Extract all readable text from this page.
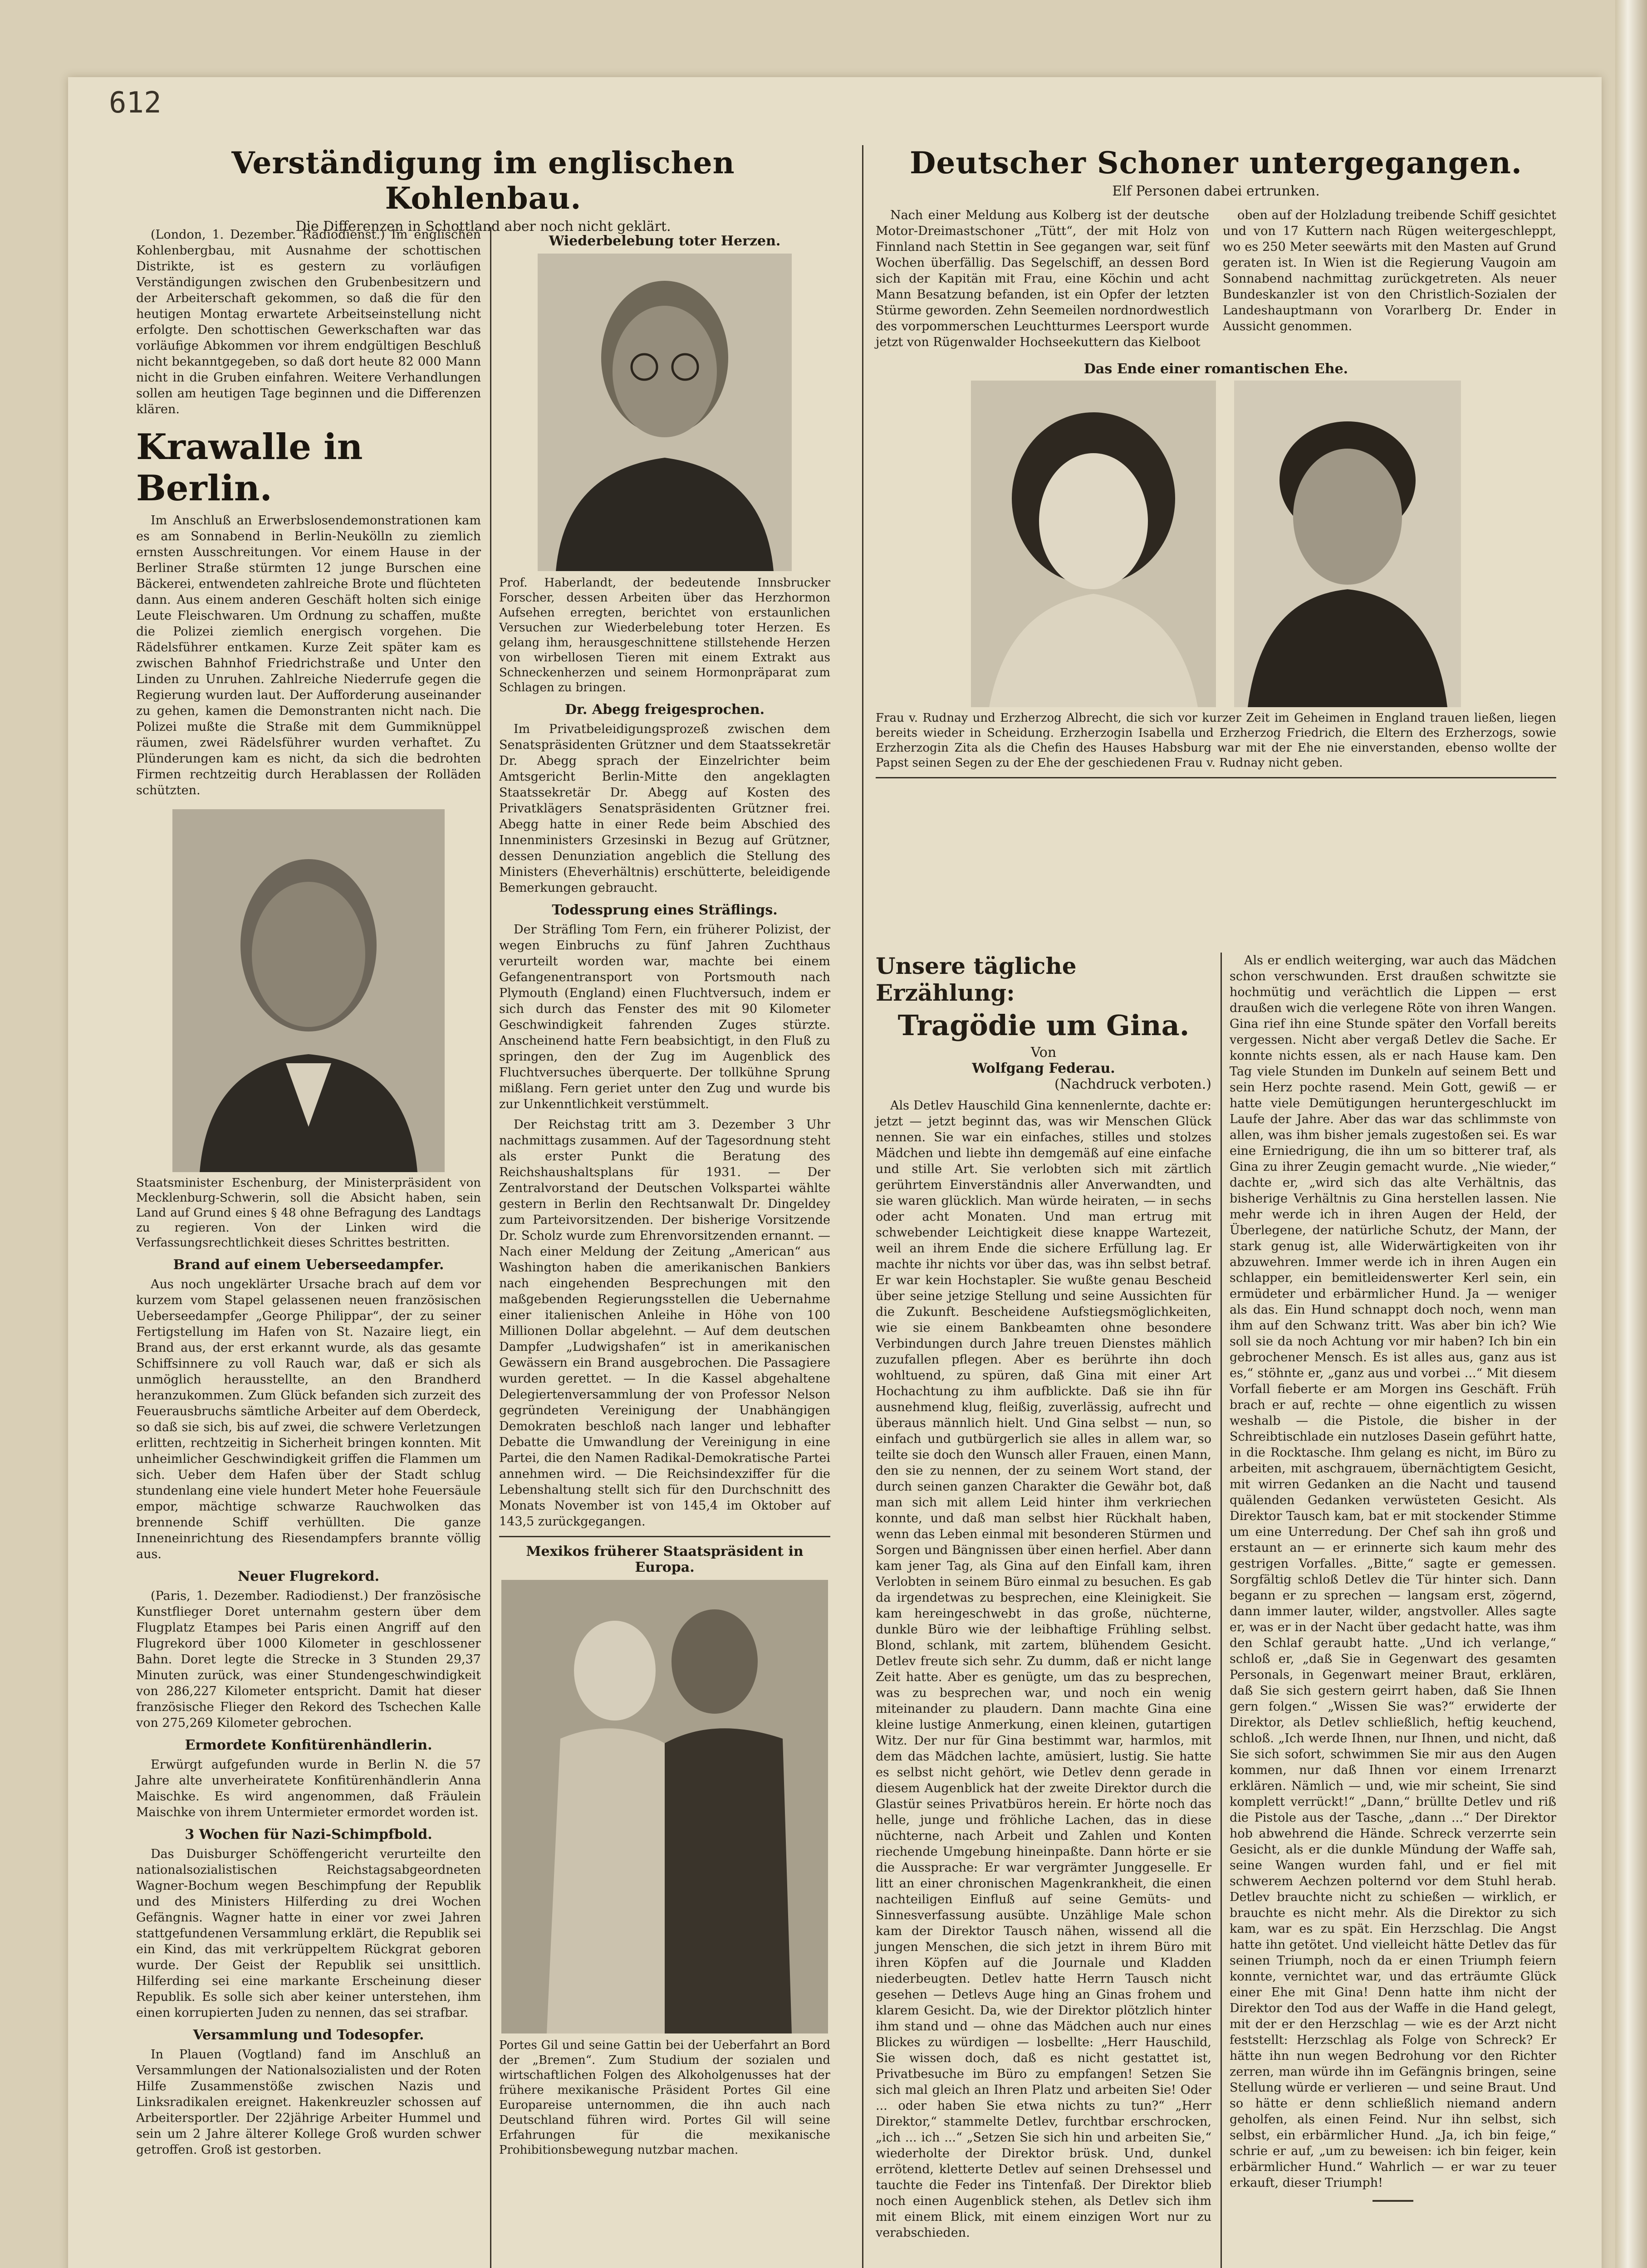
612
Verständigung im englischen Kohlenbau.
Die Differenzen in Schottland aber noch nicht geklärt.

(London, 1. Dezember. Radiodienst.) Im englischen Kohlenbergbau, mit Ausnahme der schottischen Distrikte, ist es gestern zu vorläufigen Verständigungen zwischen den Grubenbesitzern und der Arbeiterschaft gekommen, so daß die für den heutigen Montag erwartete Arbeitseinstellung nicht erfolgte. Den schottischen Gewerkschaften war das vorläufige Abkommen vor ihrem endgültigen Beschluß nicht bekanntgegeben, so daß dort heute 82 000 Mann nicht in die Gruben einfahren. Weitere Verhandlungen sollen am heutigen Tage beginnen und die Differenzen klären.

Krawalle in Berlin.

Im Anschluß an Erwerbslosendemonstrationen kam es am Sonnabend in Berlin-Neukölln zu ziemlich ernsten Ausschreitungen. Vor einem Hause in der Berliner Straße stürmten 12 junge Burschen eine Bäckerei, entwendeten zahlreiche Brote und flüchteten dann. Aus einem anderen Geschäft holten sich einige Leute Fleischwaren. Um Ordnung zu schaffen, mußte die Polizei ziemlich energisch vorgehen. Die Rädelsführer entkamen. Kurze Zeit später kam es zwischen Bahnhof Friedrichstraße und Unter den Linden zu Unruhen. Zahlreiche Niederrufe gegen die Regierung wurden laut. Der Aufforderung auseinander zu gehen, kamen die Demonstranten nicht nach. Die Polizei mußte die Straße mit dem Gummiknüppel räumen, zwei Rädelsführer wurden verhaftet. Zu Plünderungen kam es nicht, da sich die bedrohten Firmen rechtzeitig durch Herablassen der Rolläden schützten.

Staatsminister Eschenburg, der Ministerpräsident von Mecklenburg-Schwerin, soll die Absicht haben, sein Land auf Grund eines § 48 ohne Befragung des Landtags zu regieren. Von der Linken wird die Verfassungsrechtlichkeit dieses Schrittes bestritten.
Brand auf einem Ueberseedampfer.

Aus noch ungeklärter Ursache brach auf dem vor kurzem vom Stapel gelassenen neuen französischen Ueberseedampfer „George Philippar“, der zu seiner Fertigstellung im Hafen von St. Nazaire liegt, ein Brand aus, der erst erkannt wurde, als das gesamte Schiffsinnere zu voll Rauch war, daß er sich als unmöglich herausstellte, an den Brandherd heranzukommen. Zum Glück befanden sich zurzeit des Feuerausbruchs sämtliche Arbeiter auf dem Oberdeck, so daß sie sich, bis auf zwei, die schwere Verletzungen erlitten, rechtzeitig in Sicherheit bringen konnten. Mit unheimlicher Geschwindigkeit griffen die Flammen um sich. Ueber dem Hafen über der Stadt schlug stundenlang eine viele hundert Meter hohe Feuersäule empor, mächtige schwarze Rauchwolken das brennende Schiff verhüllten. Die ganze Inneneinrichtung des Riesendampfers brannte völlig aus.

Neuer Flugrekord.

(Paris, 1. Dezember. Radiodienst.) Der französische Kunstflieger Doret unternahm gestern über dem Flugplatz Etampes bei Paris einen Angriff auf den Flugrekord über 1000 Kilometer in geschlossener Bahn. Doret legte die Strecke in 3 Stunden 29,37 Minuten zurück, was einer Stundengeschwindigkeit von 286,227 Kilometer entspricht. Damit hat dieser französische Flieger den Rekord des Tschechen Kalle von 275,269 Kilometer gebrochen.

Ermordete Konfitürenhändlerin.

Erwürgt aufgefunden wurde in Berlin N. die 57 Jahre alte unverheiratete Konfitürenhändlerin Anna Maischke. Es wird angenommen, daß Fräulein Maischke von ihrem Untermieter ermordet worden ist.

3 Wochen für Nazi-Schimpfbold.

Das Duisburger Schöffengericht verurteilte den nationalsozialistischen Reichstagsabgeordneten Wagner-Bochum wegen Beschimpfung der Republik und des Ministers Hilferding zu drei Wochen Gefängnis. Wagner hatte in einer vor zwei Jahren stattgefundenen Versammlung erklärt, die Republik sei ein Kind, das mit verkrüppeltem Rückgrat geboren wurde. Der Geist der Republik sei unsittlich. Hilferding sei eine markante Erscheinung dieser Republik. Es solle sich aber keiner unterstehen, ihm einen korrupierten Juden zu nennen, das sei strafbar.

Versammlung und Todesopfer.

In Plauen (Vogtland) fand im Anschluß an Versammlungen der Nationalsozialisten und der Roten Hilfe Zusammenstöße zwischen Nazis und Linksradikalen ereignet. Hakenkreuzler schossen auf Arbeitersportler. Der 22jährige Arbeiter Hummel und sein um 2 Jahre älterer Kollege Groß wurden schwer getroffen. Groß ist gestorben.

Wiederbelebung toter Herzen.
Prof. Haberlandt, der bedeutende Innsbrucker Forscher, dessen Arbeiten über das Herzhormon Aufsehen erregten, berichtet von erstaunlichen Versuchen zur Wiederbelebung toter Herzen. Es gelang ihm, herausgeschnittene stillstehende Herzen von wirbellosen Tieren mit einem Extrakt aus Schneckenherzen und seinem Hormonpräparat zum Schlagen zu bringen.
Dr. Abegg freigesprochen.

Im Privatbeleidigungsprozeß zwischen dem Senatspräsidenten Grützner und dem Staatssekretär Dr. Abegg sprach der Einzelrichter beim Amtsgericht Berlin-Mitte den angeklagten Staatssekretär Dr. Abegg auf Kosten des Privatklägers Senatspräsidenten Grützner frei. Abegg hatte in einer Rede beim Abschied des Innenministers Grzesinski in Bezug auf Grützner, dessen Denunziation angeblich die Stellung des Ministers (Eheverhältnis) erschütterte, beleidigende Bemerkungen gebraucht.

Todessprung eines Sträflings.

Der Sträfling Tom Fern, ein früherer Polizist, der wegen Einbruchs zu fünf Jahren Zuchthaus verurteilt worden war, machte bei einem Gefangenentransport von Portsmouth nach Plymouth (England) einen Fluchtversuch, indem er sich durch das Fenster des mit 90 Kilometer Geschwindigkeit fahrenden Zuges stürzte. Anscheinend hatte Fern beabsichtigt, in den Fluß zu springen, den der Zug im Augenblick des Fluchtversuches überquerte. Der tollkühne Sprung mißlang. Fern geriet unter den Zug und wurde bis zur Unkenntlichkeit verstümmelt.

Der Reichstag tritt am 3. Dezember 3 Uhr nachmittags zusammen. Auf der Tagesordnung steht als erster Punkt die Beratung des Reichshaushaltsplans für 1931. — Der Zentralvorstand der Deutschen Volkspartei wählte gestern in Berlin den Rechtsanwalt Dr. Dingeldey zum Parteivorsitzenden. Der bisherige Vorsitzende Dr. Scholz wurde zum Ehrenvorsitzenden ernannt. — Nach einer Meldung der Zeitung „American“ aus Washington haben die amerikanischen Bankiers nach eingehenden Besprechungen mit den maßgebenden Regierungsstellen die Uebernahme einer italienischen Anleihe in Höhe von 100 Millionen Dollar abgelehnt. — Auf dem deutschen Dampfer „Ludwigshafen“ ist in amerikanischen Gewässern ein Brand ausgebrochen. Die Passagiere wurden gerettet. — In die Kassel abgehaltene Delegiertenversammlung der von Professor Nelson gegründeten Vereinigung der Unabhängigen Demokraten beschloß nach langer und lebhafter Debatte die Umwandlung der Vereinigung in eine Partei, die den Namen Radikal-Demokratische Partei annehmen wird. — Die Reichsindexziffer für die Lebenshaltung stellt sich für den Durchschnitt des Monats November ist von 145,4 im Oktober auf 143,5 zurückgegangen.

Mexikos früherer Staatspräsident in Europa.
Portes Gil und seine Gattin bei der Ueberfahrt an Bord der „Bremen“. Zum Studium der sozialen und wirtschaftlichen Folgen des Alkoholgenusses hat der frühere mexikanische Präsident Portes Gil eine Europareise unternommen, die ihn auch nach Deutschland führen wird. Portes Gil will seine Erfahrungen für die mexikanische Prohibitionsbewegung nutzbar machen.
Deutscher Schoner untergegangen.
Elf Personen dabei ertrunken.

Nach einer Meldung aus Kolberg ist der deutsche Motor-Dreimastschoner „Tütt“, der mit Holz von Finnland nach Stettin in See gegangen war, seit fünf Wochen überfällig. Das Segelschiff, an dessen Bord sich der Kapitän mit Frau, eine Köchin und acht Mann Besatzung befanden, ist ein Opfer der letzten Stürme geworden. Zehn Seemeilen nordnordwestlich des vorpommerschen Leuchtturmes Leersport wurde jetzt von Rügenwalder Hochseekuttern das Kielboot

oben auf der Holzladung treibende Schiff gesichtet und von 17 Kuttern nach Rügen weitergeschleppt, wo es 250 Meter seewärts mit den Masten auf Grund geraten ist. In Wien ist die Regierung Vaugoin am Sonnabend nachmittag zurückgetreten. Als neuer Bundeskanzler ist von den Christlich-Sozialen der Landeshauptmann von Vorarlberg Dr. Ender in Aussicht genommen.

Das Ende einer romantischen Ehe.
Frau v. Rudnay und Erzherzog Albrecht, die sich vor kurzer Zeit im Geheimen in England trauen ließen, liegen bereits wieder in Scheidung. Erzherzogin Isabella und Erzherzog Friedrich, die Eltern des Erzherzogs, sowie Erzherzogin Zita als die Chefin des Hauses Habsburg war mit der Ehe nie einverstanden, ebenso wollte der Papst seinen Segen zu der Ehe der geschiedenen Frau v. Rudnay nicht geben.
Unsere tägliche Erzählung:
Tragödie um Gina.
Von
Wolfgang Federau.
(Nachdruck verboten.)

Als Detlev Hauschild Gina kennenlernte, dachte er: jetzt — jetzt beginnt das, was wir Menschen Glück nennen. Sie war ein einfaches, stilles und stolzes Mädchen und liebte ihn demgemäß auf eine einfache und stille Art. Sie verlobten sich mit zärtlich gerührtem Einverständnis aller Anverwandten, und sie waren glücklich. Man würde heiraten, — in sechs oder acht Monaten. Und man ertrug mit schwebender Leichtigkeit diese knappe Wartezeit, weil an ihrem Ende die sichere Erfüllung lag. Er machte ihr nichts vor über das, was ihn selbst betraf. Er war kein Hochstapler. Sie wußte genau Bescheid über seine jetzige Stellung und seine Aussichten für die Zukunft. Bescheidene Aufstiegsmöglichkeiten, wie sie einem Bankbeamten ohne besondere Verbindungen durch Jahre treuen Dienstes mählich zuzufallen pflegen. Aber es berührte ihn doch wohltuend, zu spüren, daß Gina mit einer Art Hochachtung zu ihm aufblickte. Daß sie ihn für ausnehmend klug, fleißig, zuverlässig, aufrecht und überaus männlich hielt. Und Gina selbst — nun, so einfach und gutbürgerlich sie alles in allem war, so teilte sie doch den Wunsch aller Frauen, einen Mann, den sie zu nennen, der zu seinem Wort stand, der durch seinen ganzen Charakter die Gewähr bot, daß man sich mit allem Leid hinter ihm verkriechen konnte, und daß man selbst hier Rückhalt haben, wenn das Leben einmal mit besonderen Stürmen und Sorgen und Bängnissen über einen herfiel. Aber dann kam jener Tag, als Gina auf den Einfall kam, ihren Verlobten in seinem Büro einmal zu besuchen. Es gab da irgendetwas zu besprechen, eine Kleinigkeit. Sie kam hereingeschwebt in das große, nüchterne, dunkle Büro wie der leibhaftige Frühling selbst. Blond, schlank, mit zartem, blühendem Gesicht. Detlev freute sich sehr. Zu dumm, daß er nicht lange Zeit hatte. Aber es genügte, um das zu besprechen, was zu besprechen war, und noch ein wenig miteinander zu plaudern. Dann machte Gina eine kleine lustige Anmerkung, einen kleinen, gutartigen Witz. Der nur für Gina bestimmt war, harmlos, mit dem das Mädchen lachte, amüsiert, lustig. Sie hatte es selbst nicht gehört, wie Detlev denn gerade in diesem Augenblick hat der zweite Direktor durch die Glastür seines Privatbüros herein. Er hörte noch das helle, junge und fröhliche Lachen, das in diese nüchterne, nach Arbeit und Zahlen und Konten riechende Umgebung hineinpaßte. Dann hörte er sie die Aussprache: Er war vergrämter Junggeselle. Er litt an einer chronischen Magenkrankheit, die einen nachteiligen Einfluß auf seine Gemüts- und Sinnesverfassung ausübte. Unzählige Male schon kam der Direktor Tausch nähen, wissend all die jungen Menschen, die sich jetzt in ihrem Büro mit ihren Köpfen auf die Journale und Kladden niederbeugten. Detlev hatte Herrn Tausch nicht gesehen — Detlevs Auge hing an Ginas frohem und klarem Gesicht. Da, wie der Direktor plötzlich hinter ihm stand und — ohne das Mädchen auch nur eines Blickes zu würdigen — losbellte: „Herr Hauschild, Sie wissen doch, daß es nicht gestattet ist, Privatbesuche im Büro zu empfangen! Setzen Sie sich mal gleich an Ihren Platz und arbeiten Sie! Oder ... oder haben Sie etwa nichts zu tun?“ „Herr Direktor,“ stammelte Detlev, furchtbar erschrocken, „ich ... ich ...“ „Setzen Sie sich hin und arbeiten Sie,“ wiederholte der Direktor brüsk. Und, dunkel errötend, kletterte Detlev auf seinen Drehsessel und tauchte die Feder ins Tintenfaß. Der Direktor blieb noch einen Augenblick stehen, als Detlev sich ihm mit einem Blick, mit einem einzigen Wort nur zu verabschieden.

Als er endlich weiterging, war auch das Mädchen schon verschwunden. Erst draußen schwitzte sie hochmütig und verächtlich die Lippen — erst draußen wich die verlegene Röte von ihren Wangen. Gina rief ihn eine Stunde später den Vorfall bereits vergessen. Nicht aber vergaß Detlev die Sache. Er konnte nichts essen, als er nach Hause kam. Den Tag viele Stunden im Dunkeln auf seinem Bett und sein Herz pochte rasend. Mein Gott, gewiß — er hatte viele Demütigungen heruntergeschluckt im Laufe der Jahre. Aber das war das schlimmste von allen, was ihm bisher jemals zugestoßen sei. Es war eine Erniedrigung, die ihn um so bitterer traf, als Gina zu ihrer Zeugin gemacht wurde. „Nie wieder,“ dachte er, „wird sich das alte Verhältnis, das bisherige Verhältnis zu Gina herstellen lassen. Nie mehr werde ich in ihren Augen der Held, der Überlegene, der natürliche Schutz, der Mann, der stark genug ist, alle Widerwärtigkeiten von ihr abzuwehren. Immer werde ich in ihren Augen ein schlapper, ein bemitleidenswerter Kerl sein, ein ermüdeter und erbärmlicher Hund. Ja — weniger als das. Ein Hund schnappt doch noch, wenn man ihm auf den Schwanz tritt. Was aber bin ich? Wie soll sie da noch Achtung vor mir haben? Ich bin ein gebrochener Mensch. Es ist alles aus, ganz aus ist es,“ stöhnte er, „ganz aus und vorbei ...“ Mit diesem Vorfall fieberte er am Morgen ins Geschäft. Früh brach er auf, rechte — ohne eigentlich zu wissen weshalb — die Pistole, die bisher in der Schreibtischlade ein nutzloses Dasein geführt hatte, in die Rocktasche. Ihm gelang es nicht, im Büro zu arbeiten, mit aschgrauem, übernächtigtem Gesicht, mit wirren Gedanken an die Nacht und tausend quälenden Gedanken verwüsteten Gesicht. Als Direktor Tausch kam, bat er mit stockender Stimme um eine Unterredung. Der Chef sah ihn groß und erstaunt an — er erinnerte sich kaum mehr des gestrigen Vorfalles. „Bitte,“ sagte er gemessen. Sorgfältig schloß Detlev die Tür hinter sich. Dann begann er zu sprechen — langsam erst, zögernd, dann immer lauter, wilder, angstvoller. Alles sagte er, was er in der Nacht über gedacht hatte, was ihm den Schlaf geraubt hatte. „Und ich verlange,“ schloß er, „daß Sie in Gegenwart des gesamten Personals, in Gegenwart meiner Braut, erklären, daß Sie sich gestern geirrt haben, daß Sie Ihnen gern folgen.“ „Wissen Sie was?“ erwiderte der Direktor, als Detlev schließlich, heftig keuchend, schloß. „Ich werde Ihnen, nur Ihnen, und nicht, daß Sie sich sofort, schwimmen Sie mir aus den Augen kommen, nur daß Ihnen vor einem Irrenarzt erklären. Nämlich — und, wie mir scheint, Sie sind komplett verrückt!“ „Dann,“ brüllte Detlev und riß die Pistole aus der Tasche, „dann ...“ Der Direktor hob abwehrend die Hände. Schreck verzerrte sein Gesicht, als er die dunkle Mündung der Waffe sah, seine Wangen wurden fahl, und er fiel mit schwerem Aechzen polternd vor dem Stuhl herab. Detlev brauchte nicht zu schießen — wirklich, er brauchte es nicht mehr. Als die Direktor zu sich kam, war es zu spät. Ein Herzschlag. Die Angst hatte ihn getötet. Und vielleicht hätte Detlev das für seinen Triumph, noch da er einen Triumph feiern konnte, vernichtet war, und das erträumte Glück einer Ehe mit Gina! Denn hatte ihm nicht der Direktor den Tod aus der Waffe in die Hand gelegt, mit der er den Herzschlag — wie es der Arzt nicht feststellt: Herzschlag als Folge von Schreck? Er hätte ihn nun wegen Bedrohung vor den Richter zerren, man würde ihn im Gefängnis bringen, seine Stellung würde er verlieren — und seine Braut. Und so hätte er denn schließlich niemand andern geholfen, als einen Feind. Nur ihn selbst, sich selbst, ein erbärmlicher Hund. „Ja, ich bin feige,“ schrie er auf, „um zu beweisen: ich bin feiger, kein erbärmlicher Hund.“ Wahrlich — er war zu teuer erkauft, dieser Triumph!
